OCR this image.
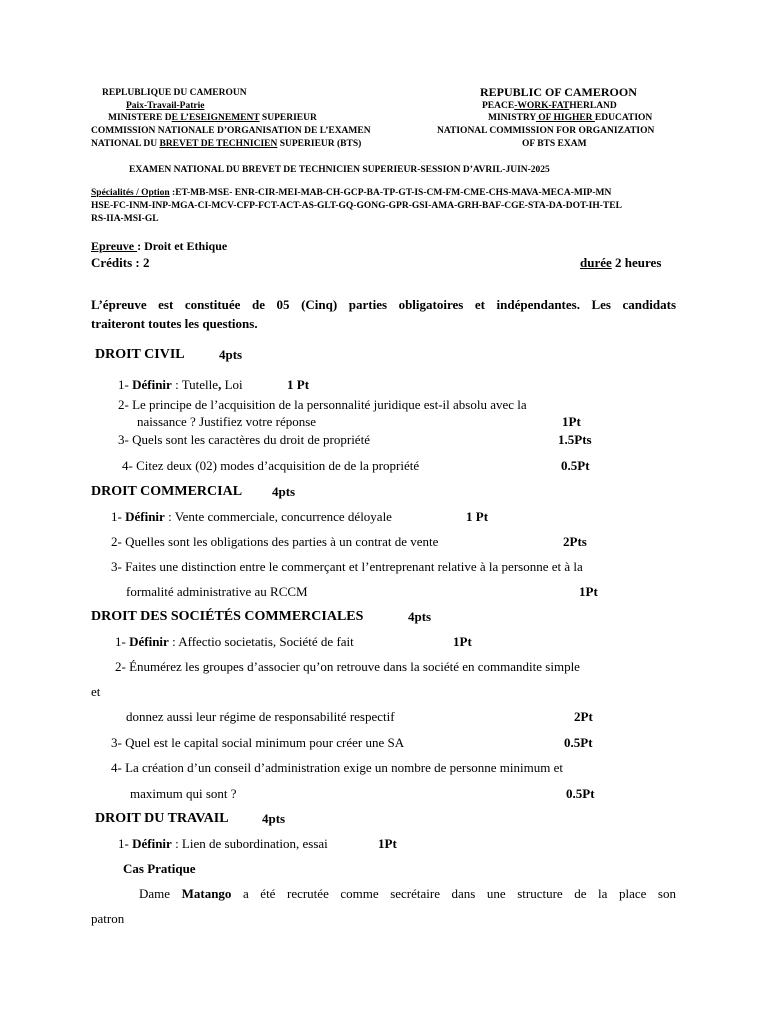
REPLUBLIQUE DU CAMEROUN
Paix-Travail-Patrie
MINISTERE DE L’ESEIGNEMENT SUPERIEUR
COMMISSION NATIONALE D’ORGANISATION DE L’EXAMEN
NATIONAL DU BREVET DE TECHNICIEN SUPERIEUR (BTS)
REPUBLIC OF CAMEROON
PEACE-WORK-FATHERLAND
MINISTRY OF HIGHER EDUCATION
NATIONAL COMMISSION FOR ORGANIZATION
OF BTS EXAM
EXAMEN NATIONAL DU BREVET DE TECHNICIEN SUPERIEUR-SESSION D’AVRIL-JUIN-2025
Spécialités / Option :ET-MB-MSE- ENR-CIR-MEI-MAB-CH-GCP-BA-TP-GT-IS-CM-FM-CME-CHS-MAVA-MECA-MIP-MN
HSE-FC-INM-INP-MGA-CI-MCV-CFP-FCT-ACT-AS-GLT-GQ-GONG-GPR-GSI-AMA-GRH-BAF-CGE-STA-DA-DOT-IH-TEL
RS-IIA-MSI-GL
Epreuve : Droit et Ethique
Crédits : 2	durée 2 heures
L’épreuve est constituée de 05 (Cinq) parties obligatoires et indépendantes. Les candidats
traiteront toutes les questions.
DROIT CIVIL	4pts
1- Définir : Tutelle, Loi	1 Pt
2- Le principe de l’acquisition de la personnalité juridique est-il absolu avec la
naissance ? Justifiez votre réponse	1Pt
3- Quels sont les caractères du droit de propriété	1.5Pts
4- Citez deux (02) modes d’acquisition de de la propriété	0.5Pt
DROIT COMMERCIAL 4pts
1- Définir : Vente commerciale, concurrence déloyale	1 Pt
2- Quelles sont les obligations des parties à un contrat de vente	2Pts
3- Faites une distinction entre le commerçant et l’entreprenant relative à la personne et à la
formalité administrative au RCCM	1Pt
DROIT DES SOCIÉTÉS COMMERCIALES	4pts
1- Définir : Affectio societatis, Société de fait	1Pt
2- Énumérez les groupes d’associer qu’on retrouve dans la société en commandite simple
et
donnez aussi leur régime de responsabilité respectif	2Pt
3- Quel est le capital social minimum pour créer une SA	0.5Pt
4- La création d’un conseil d’administration exige un nombre de personne minimum et
maximum qui sont ?	0.5Pt
DROIT DU TRAVAIL	4pts
1- Définir : Lien de subordination, essai	1Pt
Cas Pratique
Dame Matango a été recrutée comme secrétaire dans une structure de la place son
patron
